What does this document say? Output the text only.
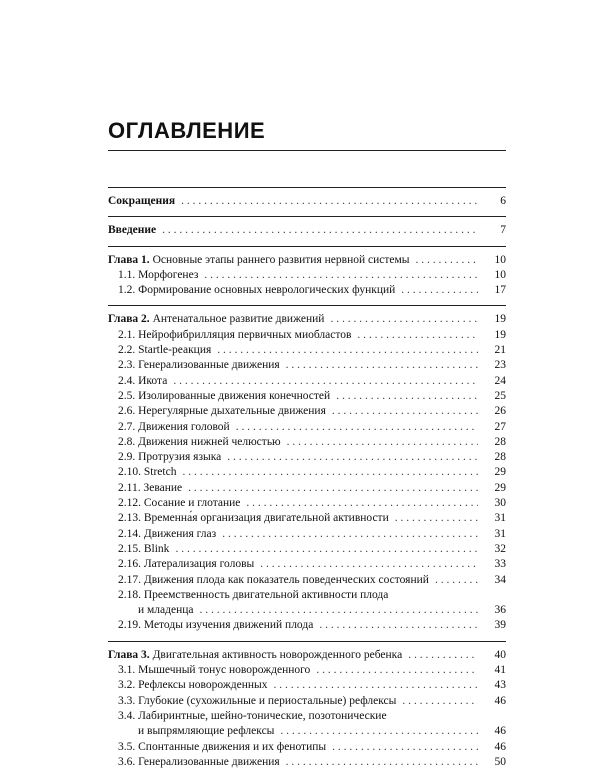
ОГЛАВЛЕНИЕ
Сокращения . . .	6
Введение . . .	7
Глава 1. Основные этапы раннего развития нервной системы . . .	10
1.1. Морфогенез . . .	10
1.2. Формирование основных неврологических функций . . .	17
Глава 2. Антенатальное развитие движений . . .	19
2.1. Нейрофибрилляция первичных миобластов . . .	19
2.2. Startle-реакция . . .	21
2.3. Генерализованные движения . . .	23
2.4. Икота . . .	24
2.5. Изолированные движения конечностей . . .	25
2.6. Нерегулярные дыхательные движения . . .	26
2.7. Движения головой . . .	27
2.8. Движения нижней челюстью . . .	28
2.9. Протрузия языка . . .	28
2.10. Stretch . . .	29
2.11. Зевание . . .	29
2.12. Сосание и глотание . . .	30
2.13. Временна́я организация двигательной активности . . .	31
2.14. Движения глаз . . .	31
2.15. Blink . . .	32
2.16. Латерализация головы . . .	33
2.17. Движения плода как показатель поведенческих состояний . . .	34
2.18. Преемственность двигательной активности плода
и младенца . . .	36
2.19. Методы изучения движений плода . . .	39
Глава 3. Двигательная активность новорожденного ребенка . . .	40
3.1. Мышечный тонус новорожденного . . .	41
3.2. Рефлексы новорожденных . . .	43
3.3. Глубокие (сухожильные и периостальные) рефлексы . . .	46
3.4. Лабиринтные, шейно-тонические, позотонические
и выпрямляющие рефлексы . . .	46
3.5. Спонтанные движения и их фенотипы . . .	46
3.6. Генерализованные движения . . .	50
